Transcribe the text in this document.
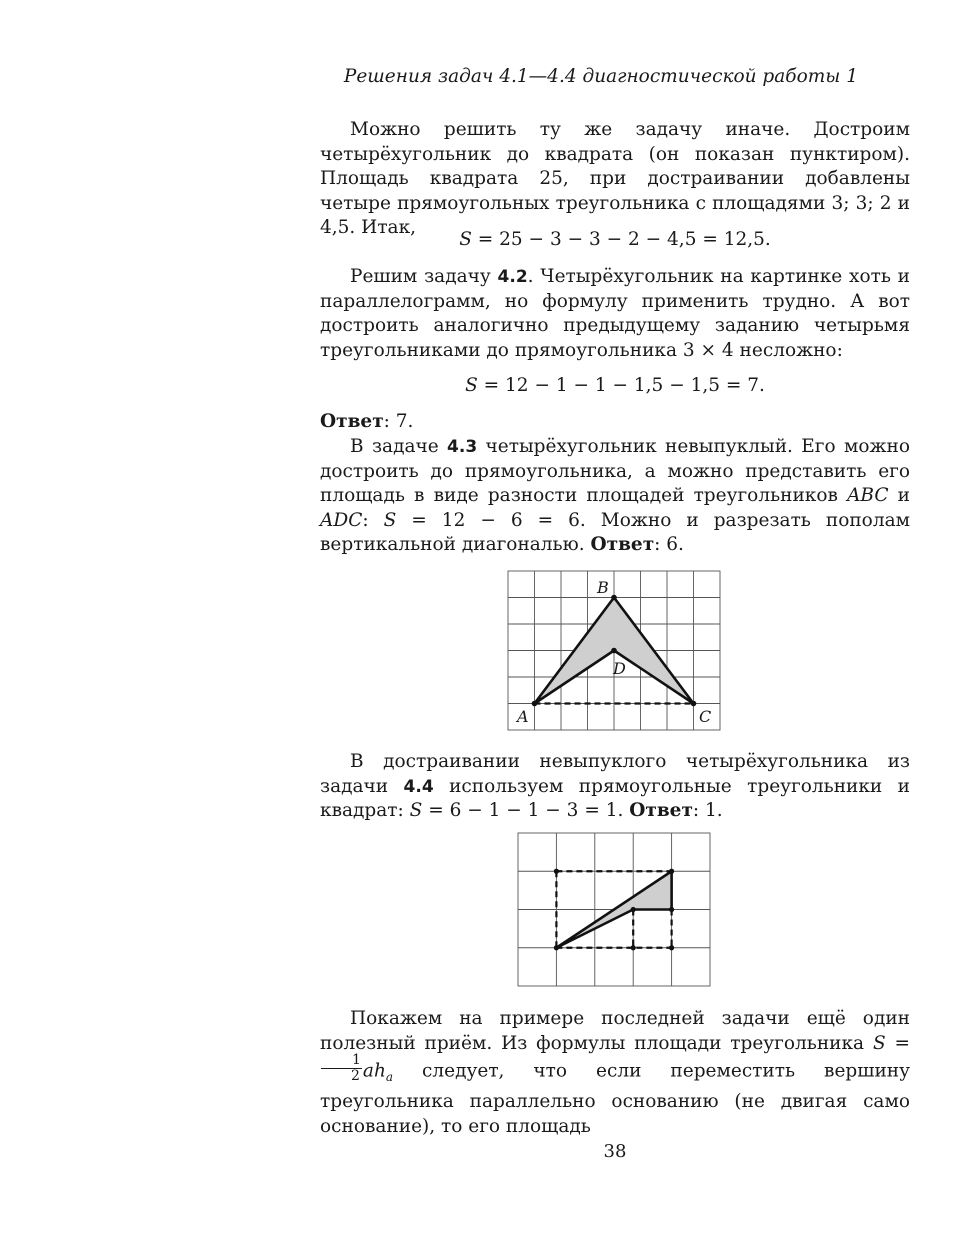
Решения задач 4.1—4.4 диагностической работы 1
Можно решить ту же задачу иначе. Достроим четырёхугольник до квадрата (он показан пунктиром). Площадь квадрата 25, при достраивании добавлены четыре прямоугольных треугольника с площадями 3; 3; 2 и 4,5. Итак,
S = 25 − 3 − 3 − 2 − 4,5 = 12,5.
Решим задачу 4.2. Четырёхугольник на картинке хоть и параллелограмм, но формулу применить трудно. А вот достроить аналогично предыдущему заданию четырьмя треугольниками до прямоугольника 3 × 4 несложно:
S = 12 − 1 − 1 − 1,5 − 1,5 = 7.
Ответ: 7.
В задаче 4.3 четырёхугольник невыпуклый. Его можно достроить до прямоугольника, а можно представить его площадь в виде разности площадей треугольников ABC и ADC: S = 12 − 6 = 6. Можно и разрезать пополам вертикальной диагональю. Ответ: 6.
A
B
C
D
В достраивании невыпуклого четырёхугольника из задачи 4.4 используем прямоугольные треугольники и квадрат: S = 6 − 1 − 1 − 3 = 1. Ответ: 1.
Покажем на примере последней задачи ещё один полезный приём. Из формулы площади треугольника S =
$\frac{1}{2} ah_a$ следует, что если переместить вершину треугольника параллельно основанию (не двигая само основание), то его площадь
38
